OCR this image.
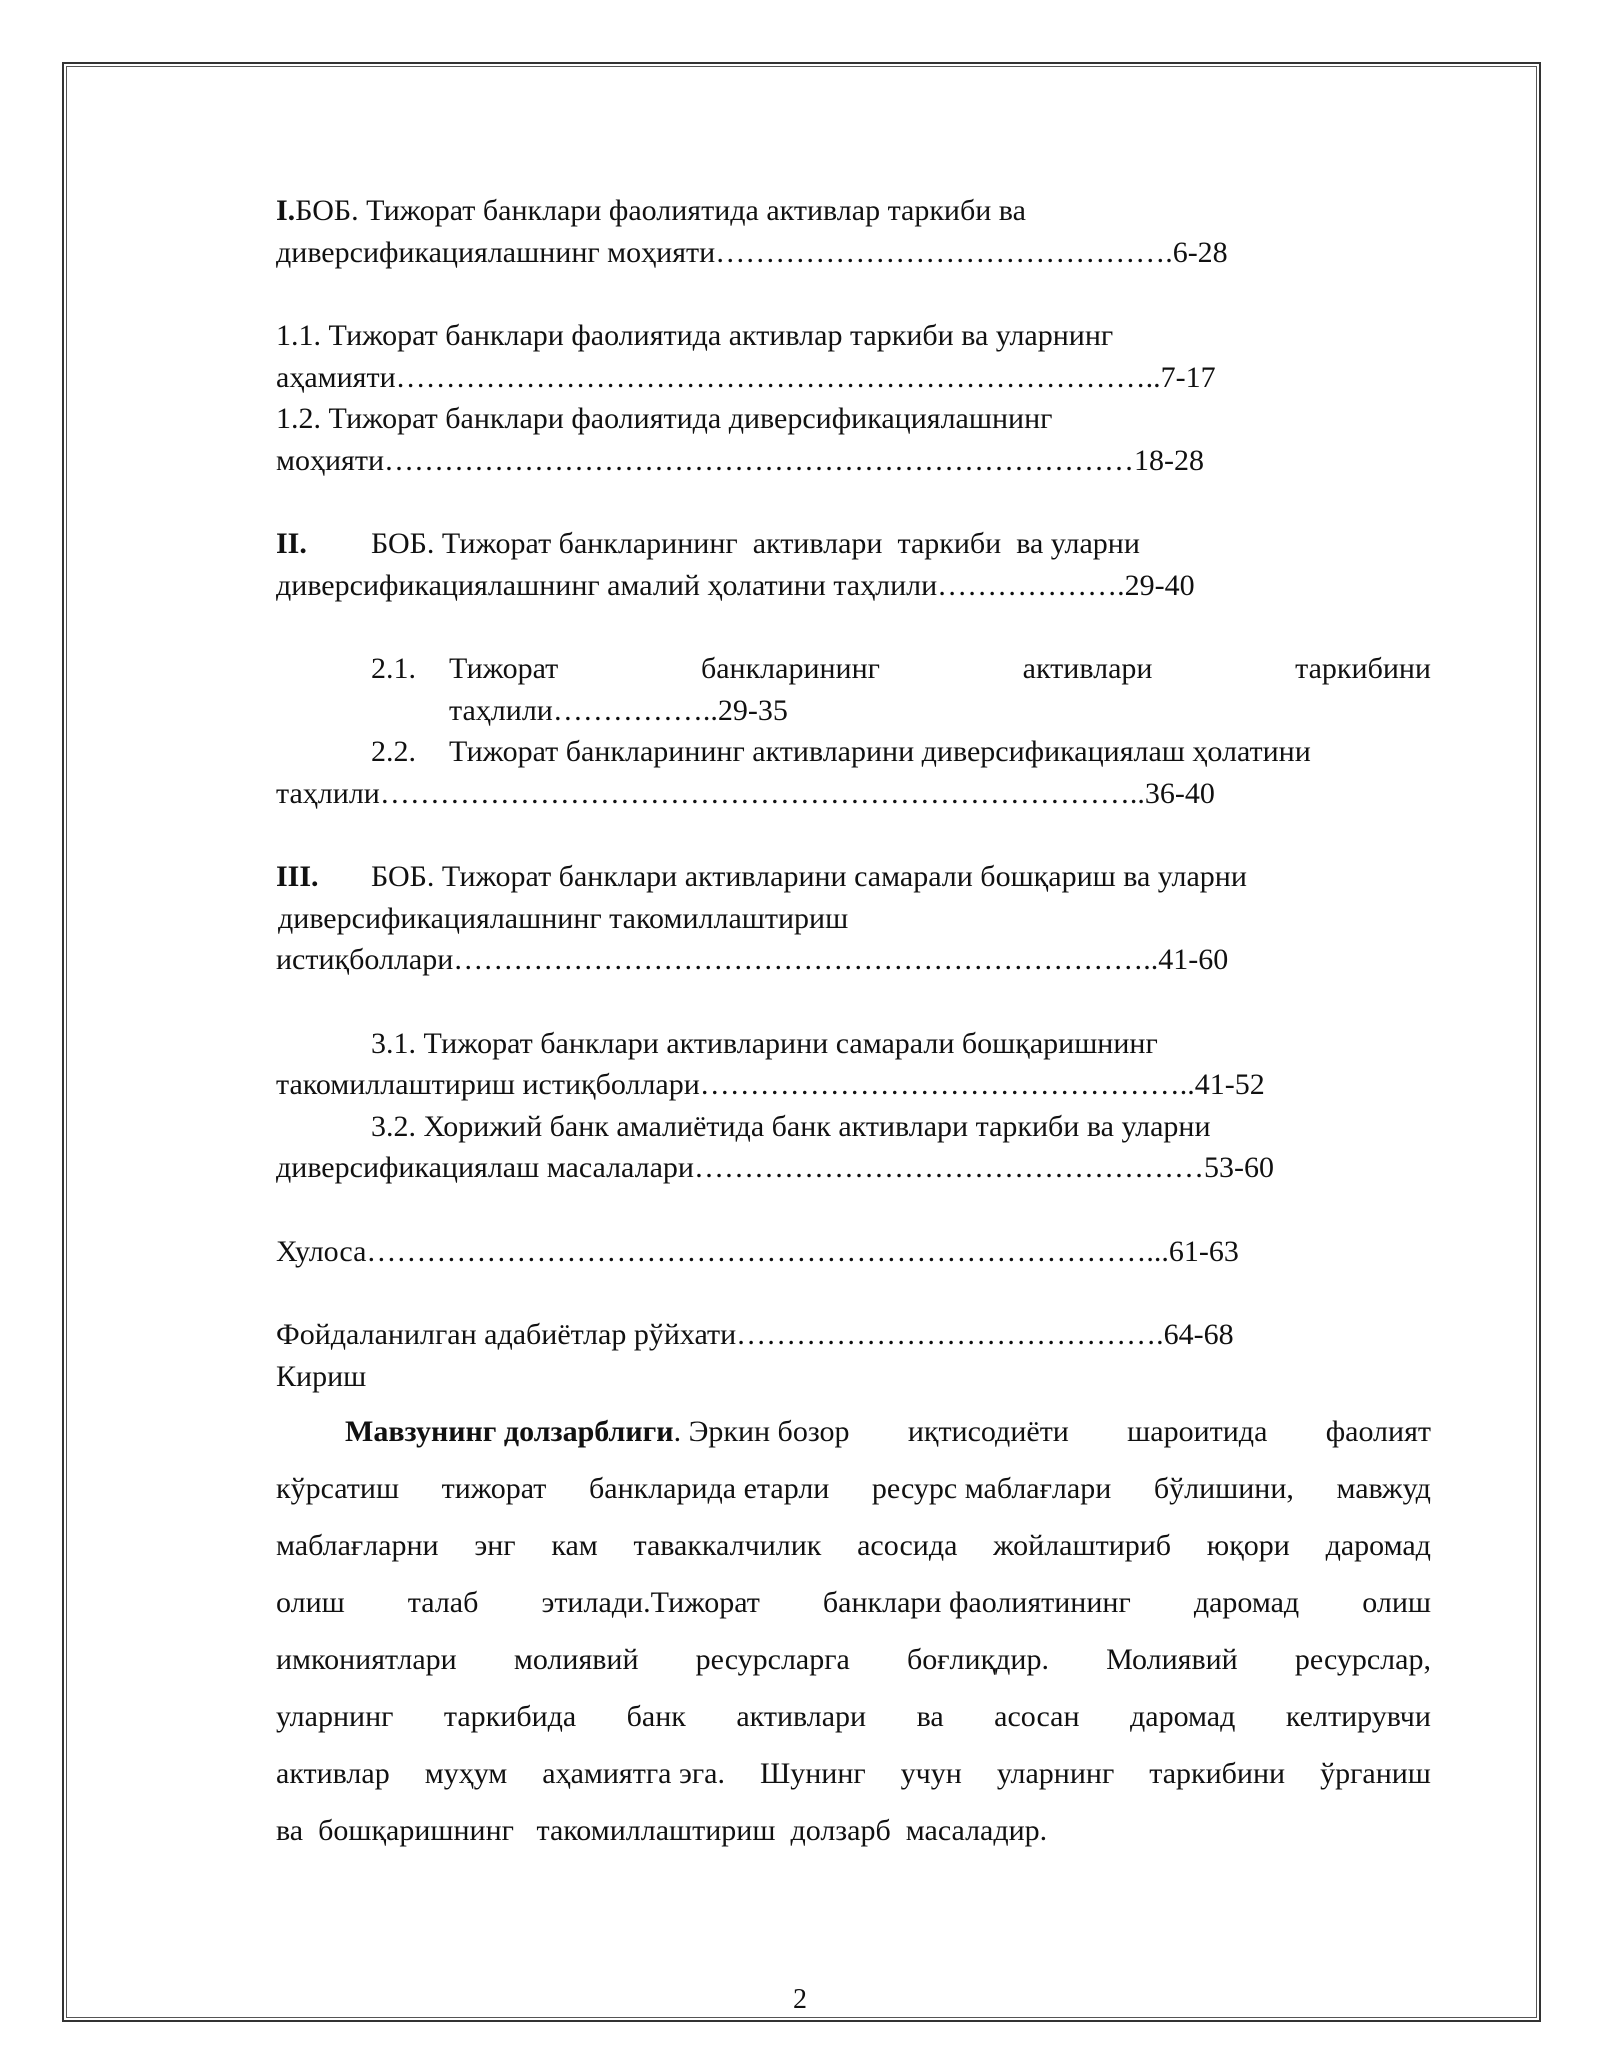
I.БОБ. Тижорат банклари фаолиятида активлар таркиби ва
диверсификациялашнинг моҳияти……………………………………….6-28
1.1. Тижорат банклари фаолиятида активлар таркиби ва уларнинг
аҳамияти…………………………………………………………………..7-17
1.2. Тижорат банклари фаолиятида диверсификациялашнинг
моҳияти…………………………………………………………………18-28
II.	БОБ. Тижорат банкларининг  активлари  таркиби  ва уларни
диверсификациялашнинг амалий ҳолатини таҳлили……………….29-40
2.1.	Тижорат	банкларининг	активлари	таркибини
таҳлили……………..29-35
2.2.	Тижорат банкларининг активларини диверсификациялаш ҳолатини
таҳлили…………………………………………………………………..36-40
III.	БОБ. Тижорат банклари активларини самарали бошқариш ва уларни
диверсификациялашнинг такомиллаштириш
истиқболлари……………………………………………………………..41-60
3.1. Тижорат банклари активларини самарали бошқаришнинг
такомиллаштириш истиқболлари…………………………………………..41-52
3.2. Хорижий банк амалиётида банк активлари таркиби ва уларни
диверсификациялаш масалалари……………………………………………53-60
Хулоса……………………………………………………………………...61-63
Фойдаланилган адабиётлар рўйхати…………………………………….64-68
Кириш
Мавзунинг долзарблиги. Эркин бозор иқтисодиёти шароитида фаолият
кўрсатиш тижорат банкларида етарли ресурс маблағлари бўлишини, мавжуд
маблағларни энг кам таваккалчилик асосида жойлаштириб юқори даромад
олиш талаб этилади.Тижорат банклари фаолиятининг даромад олиш
имкониятлари молиявий ресурсларга боғлиқдир. Молиявий ресурслар,
уларнинг таркибида банк активлари ва асосан даромад келтирувчи
активлар муҳум аҳамиятга эга. Шунинг учун уларнинг таркибини ўрганиш
ва  бошқаришнинг   такомиллаштириш  долзарб  масаладир.
2
